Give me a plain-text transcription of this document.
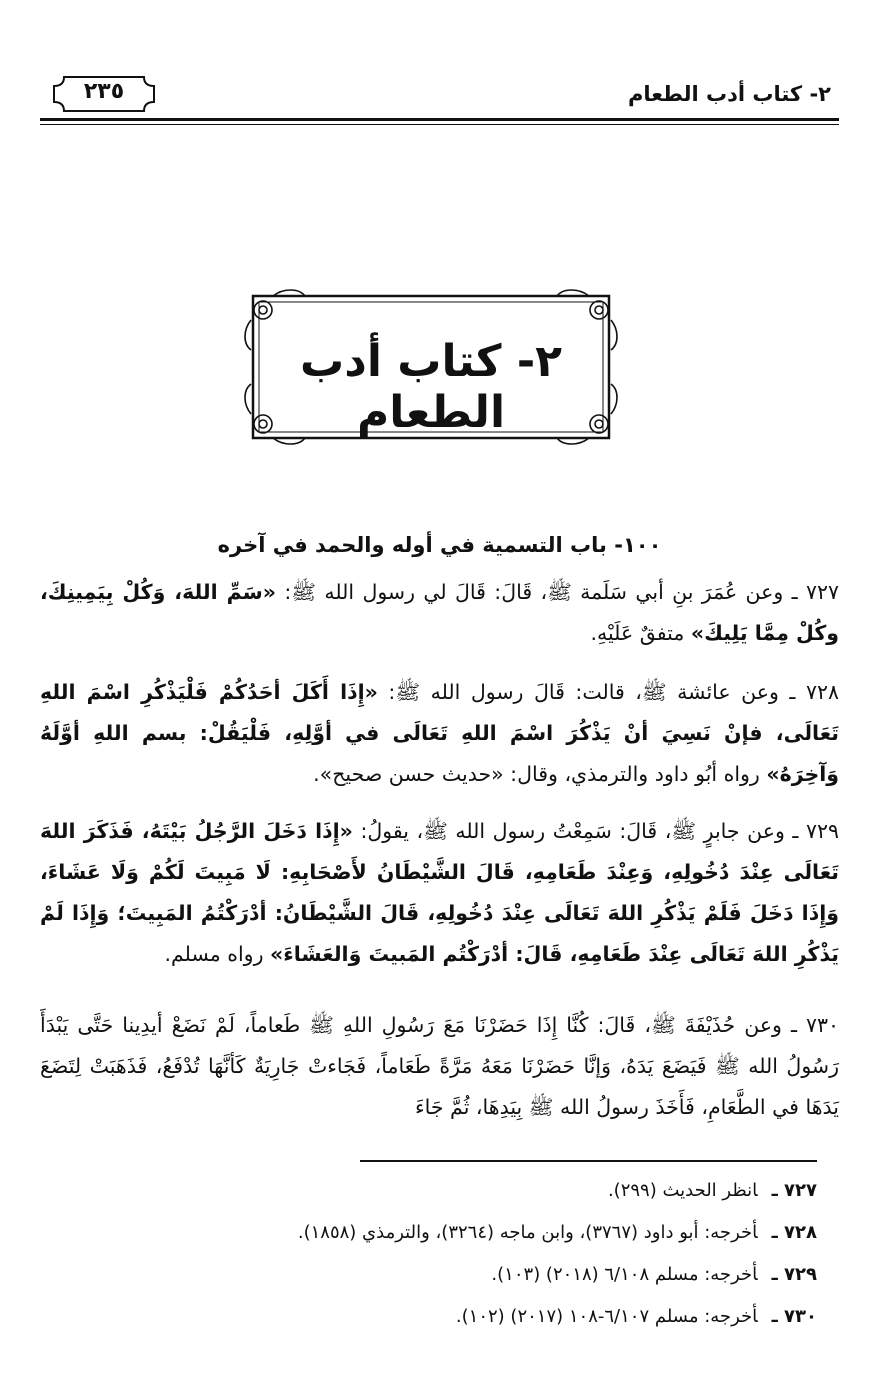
٢- كتاب أدب الطعام
٢٣٥
٢- كتاب أدب الطعام
١٠٠- باب التسمية في أوله والحمد في آخره
٧٢٧ ـ وعن عُمَرَ بنِ أبي سَلَمة ﷺ، قَالَ: قَالَ لي رسول الله ﷺ: «سَمِّ اللهَ، وَكُلْ بِيَمِينِكَ، وكُلْ مِمَّا يَلِيكَ» متفقٌ عَلَيْهِ.
٧٢٨ ـ وعن عائشة ﷺ، قالت: قَالَ رسول الله ﷺ: «إِذَا أَكَلَ أحَدُكُمْ فَلْيَذْكُرِ اسْمَ اللهِ تَعَالَى، فإنْ نَسِيَ أنْ يَذْكُرَ اسْمَ اللهِ تَعَالَى في أوَّلِهِ، فَلْيَقُلْ: بسم اللهِ أوَّلَهُ وَآخِرَهُ» رواه أبُو داود والترمذي، وقال: «حديث حسن صحيح».
٧٢٩ ـ وعن جابرٍ ﷺ، قَالَ: سَمِعْتُ رسول الله ﷺ، يقولُ: «إِذَا دَخَلَ الرَّجُلُ بَيْتَهُ، فَذَكَرَ اللهَ تَعَالَى عِنْدَ دُخُولِهِ، وَعِنْدَ طَعَامِهِ، قَالَ الشَّيْطَانُ لأَصْحَابِهِ: لَا مَبِيتَ لَكُمْ وَلَا عَشَاءَ، وَإِذَا دَخَلَ فَلَمْ يَذْكُرِ اللهَ تَعَالَى عِنْدَ دُخُولِهِ، قَالَ الشَّيْطَانُ: أدْرَكْتُمُ المَبِيتَ؛ وَإِذَا لَمْ يَذْكُرِ اللهَ تَعَالَى عِنْدَ طَعَامِهِ، قَالَ: أدْرَكْتُم المَبيتَ وَالعَشَاءَ» رواه مسلم.
٧٣٠ ـ وعن حُذَيْفَةَ ﷺ، قَالَ: كُنَّا إِذَا حَضَرْنَا مَعَ رَسُولِ اللهِ ﷺ طَعاماً، لَمْ نَضَعْ أيدِينا حَتَّى يَبْدَأَ رَسُولُ الله ﷺ فَيَضَعَ يَدَهُ، وَإنَّا حَضَرْنَا مَعَهُ مَرَّةً طَعَاماً، فَجَاءتْ جَارِيَةٌ كَأنَّهَا تُدْفَعُ، فَذَهَبَتْ لِتَضَعَ يَدَهَا في الطَّعَامِ، فَأَخَذَ رسولُ الله ﷺ بِيَدِهَا، ثُمَّ جَاءَ
٧٢٧ ـانظر الحديث (٢٩٩).
٧٢٨ ـأخرجه: أبو داود (٣٧٦٧)، وابن ماجه (٣٢٦٤)، والترمذي (١٨٥٨).
٧٢٩ ـأخرجه: مسلم ٦/١٠٨ (٢٠١٨) (١٠٣).
٧٣٠ ـأخرجه: مسلم ٦/١٠٧-١٠٨ (٢٠١٧) (١٠٢).
